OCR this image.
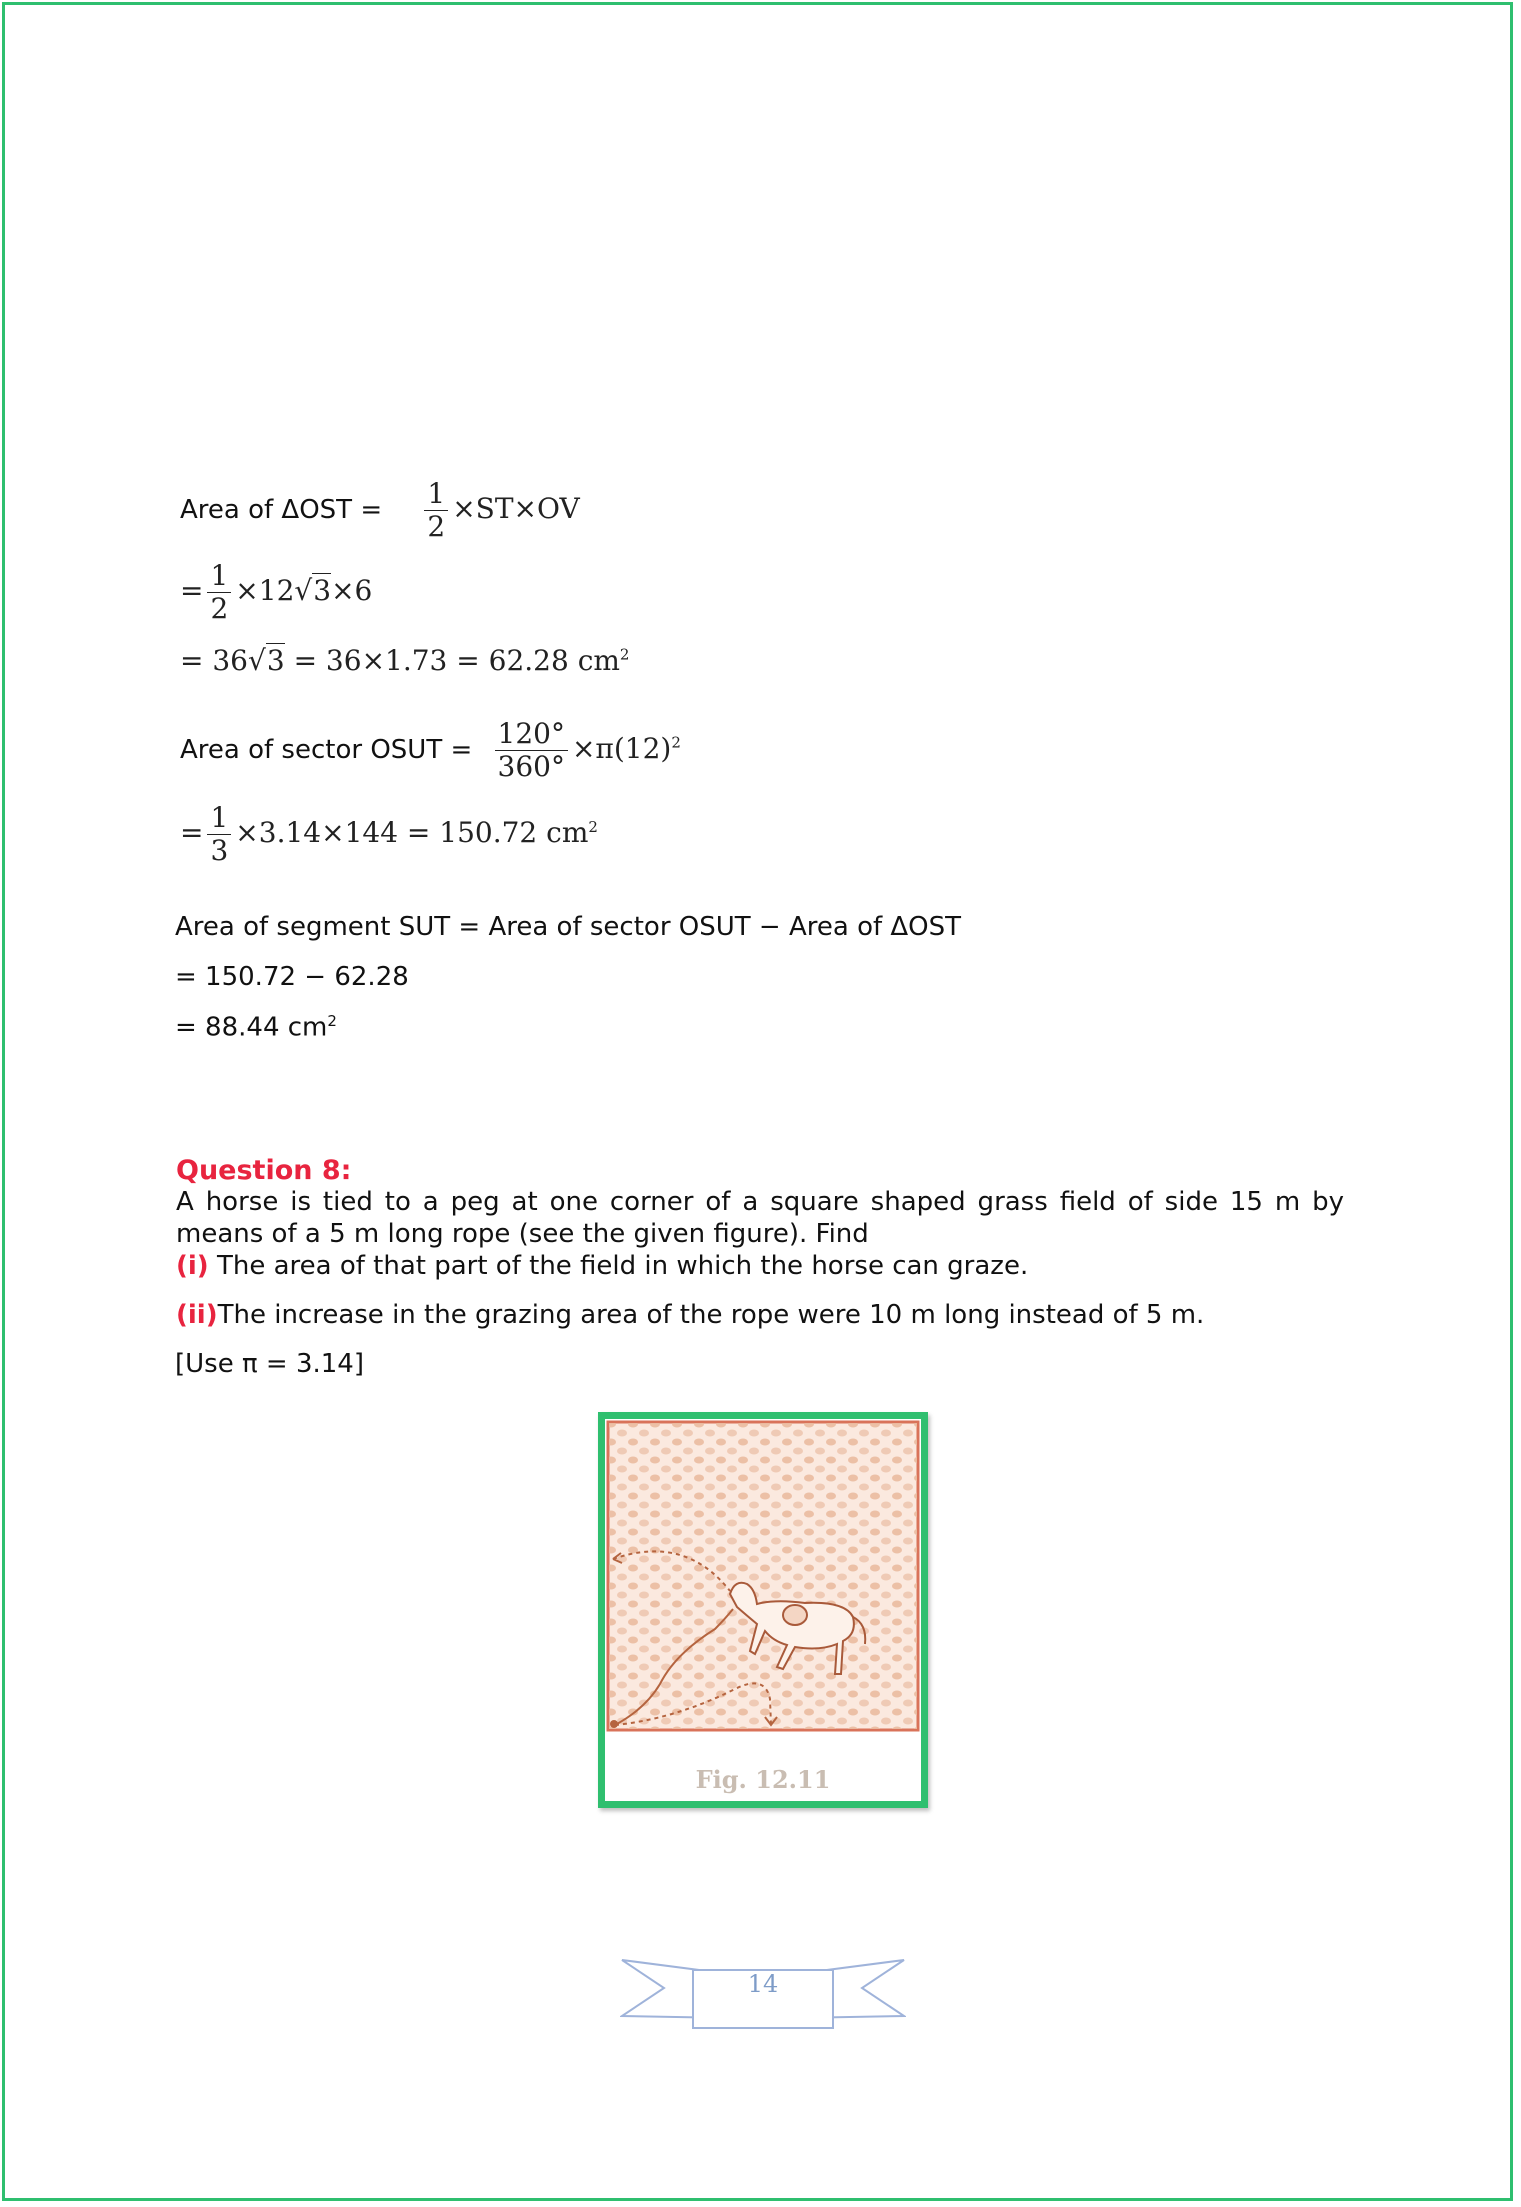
Area of $\Delta OST = \frac{1}{2} \times ST\times OV$
= $\frac{1}{2} \times 12√3\times 6$
= 36√3 = 36×1.73 = 62.28 $cm^2$
Area of sector OSUT = $\frac{120^\circ}{360^\circ} \times\pi(12)^2$
= $\frac{1}{3} \times 3.14\times 144 = 150.72$ $cm^2$
Area of segment SUT = Area of sector OSUT − Area of ΔOST
= 150.72 − 62.28
= 88.44 $cm^2$
Question 8:
A horse is tied to a peg at one corner of a square shaped grass field of side 15 m by means of a 5 m long rope (see the given figure). Find
(i) The area of that part of the field in which the horse can graze.
(ii)The increase in the grazing area of the rope were 10 m long instead of 5 m.
[Use π = 3.14]
Fig. 12.11
14
